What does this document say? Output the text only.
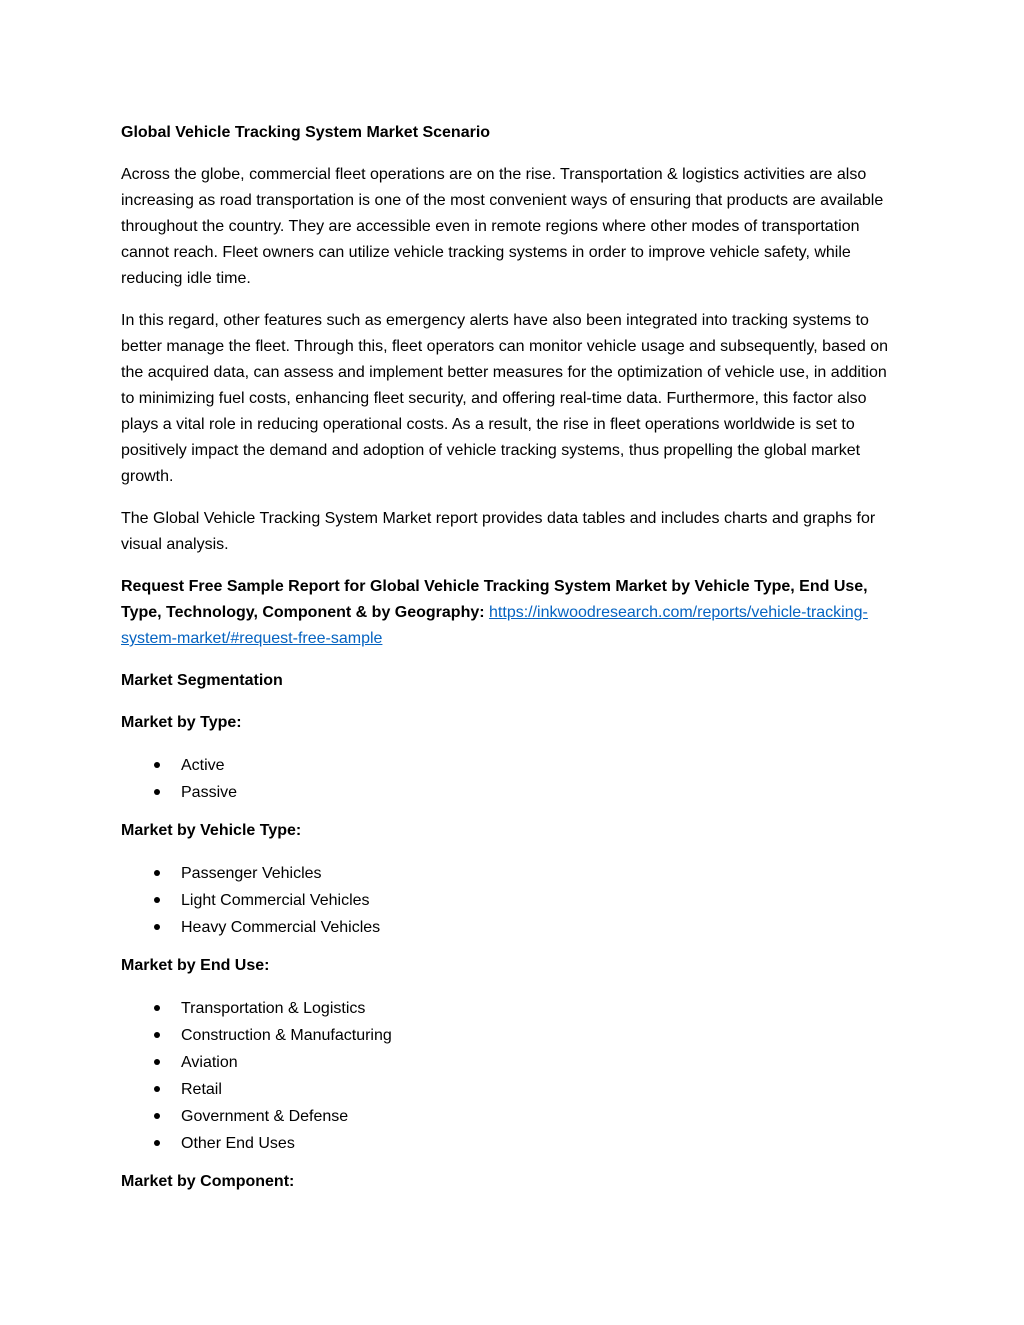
Global Vehicle Tracking System Market Scenario

Across the globe, commercial fleet operations are on the rise. Transportation & logistics activities are also increasing as road transportation is one of the most convenient ways of ensuring that products are available throughout the country. They are accessible even in remote regions where other modes of transportation cannot reach. Fleet owners can utilize vehicle tracking systems in order to improve vehicle safety, while reducing idle time.

In this regard, other features such as emergency alerts have also been integrated into tracking systems to better manage the fleet. Through this, fleet operators can monitor vehicle usage and subsequently, based on the acquired data, can assess and implement better measures for the optimization of vehicle use, in addition to minimizing fuel costs, enhancing fleet security, and offering real-time data. Furthermore, this factor also plays a vital role in reducing operational costs. As a result, the rise in fleet operations worldwide is set to positively impact the demand and adoption of vehicle tracking systems, thus propelling the global market growth.

The Global Vehicle Tracking System Market report provides data tables and includes charts and graphs for visual analysis.

Request Free Sample Report for Global Vehicle Tracking System Market by Vehicle Type, End Use, Type, Technology, Component & by Geography: https://inkwoodresearch.com/reports/vehicle-tracking-system-market/#request-free-sample

Market Segmentation

Market by Type:

Active
Passive

Market by Vehicle Type:

Passenger Vehicles
Light Commercial Vehicles
Heavy Commercial Vehicles

Market by End Use:

Transportation & Logistics
Construction & Manufacturing
Aviation
Retail
Government & Defense
Other End Uses

Market by Component:
